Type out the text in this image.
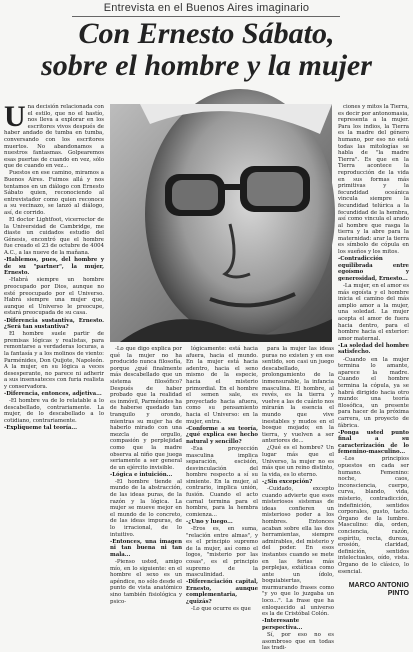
Entrevista en el Buenos Aires imaginario
Con Ernesto Sábato,
sobre el hombre y la mujer

Una decisión relacionada con el estilo, que no el hastío, nos lleva a explorar en los escritores vivos después de haber andado de tumba en tumba, conversando con los escritores muertos. No abandonamos a nuestros fantasmas. Golpearemos esas puertas de cuando en vez, sólo que de cuando en vez...

Puestos en ese camino, miramos a Buenos Aires. Fuimos allá y nos tentamos en un diálogo con Ernesto Sábato quien, reconociendo al entrevistador como quien reconoce a su vecinazo, se lanzó al diálogo, así, de corrido.

El doctor Lightfoot, vicerrector de la Universidad de Cambridge, me diaste un cuidados estudio del Génesis, encontró que el hombre fue creado el 23 de octubre de 4004 A.C., a las nueve de la mañana.

-Hablemos, pues, del hombre y de su "partner", la mujer, Ernesto.

-Habrá siempre un hombre preocupado por Dios, aunque no esté preocupado por el Universo. Habrá siempre una mujer que, aunque el Universo le preocupe, estará preocupada de su casa.

-Diferencia sustantiva, Ernesto. ¿Será tan sustantiva?

El hombre suele partir de premisas lógicas y realistas, para remontarse a verdaderas locuras, a la fantasía y a los molinos de viento: Parménides, Don Quijote, Napoleón. A la mujer, en su lógica a veces desesperante, no parece ni adherir a sus insensateces con furia realista y conservadora.

-Diferencia, entonces, adjetiva...

-El hombre va de lo relatable a lo descabellado, contrariamente. La mujer, de lo descabellado a lo cotidiano, contrariamente.

-Explíqueme tal teoría...

-Lo que digo explica por qué la mujer no ha producido nunca filosofía, porque ¿qué finalmente más descabellado que un sistema filosófico? Después de haber probado que la realidad es inmóvil, Parménides ha de haberse quedado tan tranquilo y orondo, mientras su mujer ha de haberlo mirado con una mezcla de orgullo, compasión y perplejidad como que la madre observa al niño que juega seriamente a ser general de un ejército invisible.

-Lógica e intuición...

-El hombre tiende al mundo de la abstracción, de las ideas puras, de la razón y la lógica. La mujer se mueve mejor en el mundo de lo concreto, de las ideas impuras, de lo irracional, de lo intuitivo.

-Entonces, una imagen ni tan buena ni tan mala...

-Pienso usted, amigo mío, en lo siguiente: en el hombre el sexo es un apéndice, no sólo desde el punto de vista anatómico sino también fisiológica y psico-

lógicamente: está hacia afuera, hacia el mundo. En la mujer está hacia adentro, hacia el seno mismo de la especie, hacia el misterio primordial. En el hombre el semen sale, es proyectado hacia afuera, como su pensamiento hacia el Universo: en la mujer, entra.

-Conforme a su teoría, ¿qué explica ese hecho natural y sencillo?

-Esa proyección masculina implica separación, escisión, desvinculación del hombre respecto a sí su simiente. En la mujer, al contrario, implica unión, fusión. Cuando el acto carnal termina para el hombre, para la hembra comienza...

-¿Uno y luego...

-Eros es, en suma, "relación entre almas", y es el principio supremo de la mujer, así como el logos, "misterio por las cosas", es el principio supremo de la masculinidad.

-Diferenciación capital, Ernesto, aunque complementaria, ¿quizás?

-Lo que ocurre es que

para la mujer las ideas puras no existen y en ese sentido, son casi un juego descabellado, prolongamiento de la inmensurable, la infancia masculina. El hombre, al revés, es la tierra y vuelve a las de cuánto nos mirarán la esencia el mundo que vive inestables y mudos en el bosque mojado; en la tierra, y vuelven a ser anteriores de...

¿Qué es el hombre? Un lugar más que el Universo, la mujer no es más que un reino distinto, la vida, es lo eterno.

-¿Sin excepción?

-Cuidado, excepto cuando advierte que esos misteriosos sistemas de ideas confieren un misterioso poder a los hombres. Entonces acaban sobre ella las dos herramientas, siempre admirables, del misterio y del poder. En esos instantes cuando se mete en las ferias más perplejas, extáticas como ante un ídolo, boquiabiertas, murmurando frases como "y yo que lo juzgaba un loco...". La frase que ha enloquecido al universo es la de Cristóbal Colón.

-Interesante perspectiva...

Sí, por eso no es asombroso que en todas las tradi-

ciones y mitos la Tierra, es decir por antonomasia, representa a la mujer. Para los indios, la Tierra es la madre del género humano, por eso no está todas las mitologías se habla de "la madre Tierra". Es que en la Tierra acontece la reproducción de la vida en sus formas más primitivas y la fecundidad oceánica vincula siempre la fecundidad telúrica a la fecundidad de la hembra, así como vincula el arado al hombre que rasga la tierra y la abre para la maternidad: arar la tierra es símbolo de cópula en los sueños y los mitos.

-Contradicción equilibrada entre egoísmo y generosidad, Ernesto...

-La mujer, en el amor es más egoísta y el hombre inicia el camino del más amplio amor a la mujer, una soledad. La mujer acepta el amor de fuera hacia dentro, para el hombre hacia el exterior: amor maternal.

-La soledad del hombre satisfecho.

-Cuando en la mujer termina lo amante, aparece la madre. Cuando el hombre termina la cópula, ya se habrá dirigido hacia otro mundo: una teoría filosófica, un presente para hacer de la próxima carrera, un proyecto de fábrica.

-Ponga usted punto final a su caracterización de lo femenino-masculino...

-Los principios opuestos en cada ser humano. Femenino: noche, caos, inconsciencia, cuerpo, curva, blando, vida, misterio, contradicción, indefinición, sentidos corporales, gusto, tacto. Órgano de la lumbre. Masculino: día, orden, conciencia, razón, espíritu, recta, dureza, erosión, claridad, definición, sentidos intelectuales, oído, vista. Órgano de lo clásico, lo esencial.

MARCO ANTONIO
PINTO
